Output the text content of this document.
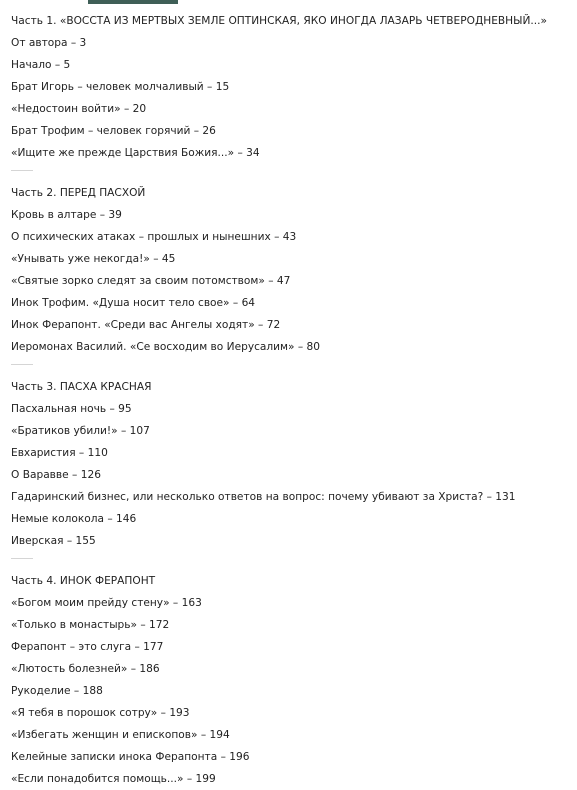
Часть 1. «ВОССТА ИЗ МЕРТВЫХ ЗЕМЛЕ ОПТИНСКАЯ, ЯКО ИНОГДА ЛАЗАРЬ ЧЕТВЕРОДНЕВНЫЙ...»
От автора – 3
Начало – 5
Брат Игорь – человек молчаливый – 15
«Недостоин войти» – 20
Брат Трофим – человек горячий – 26
«Ищите же прежде Царствия Божия...» – 34
Часть 2. ПЕРЕД ПАСХОЙ
Кровь в алтаре – 39
О психических атаках – прошлых и нынешних – 43
«Унывать уже некогда!» – 45
«Святые зорко следят за своим потомством» – 47
Инок Трофим. «Душа носит тело свое» – 64
Инок Ферапонт. «Среди вас Ангелы ходят» – 72
Иеромонах Василий. «Се восходим во Иерусалим» – 80
Часть 3. ПАСХА КРАСНАЯ
Пасхальная ночь – 95
«Братиков убили!» – 107
Евхаристия – 110
О Варавве – 126
Гадаринский бизнес, или несколько ответов на вопрос: почему убивают за Христа? – 131
Немые колокола – 146
Иверская – 155
Часть 4. ИНОК ФЕРАПОНТ
«Богом моим прейду стену» – 163
«Только в монастырь» – 172
Ферапонт – это слуга – 177
«Лютость болезней» – 186
Рукоделие – 188
«Я тебя в порошок сотру» – 193
«Избегать женщин и епископов» – 194
Келейные записки инока Ферапонта – 196
«Если понадобится помощь...» – 199
